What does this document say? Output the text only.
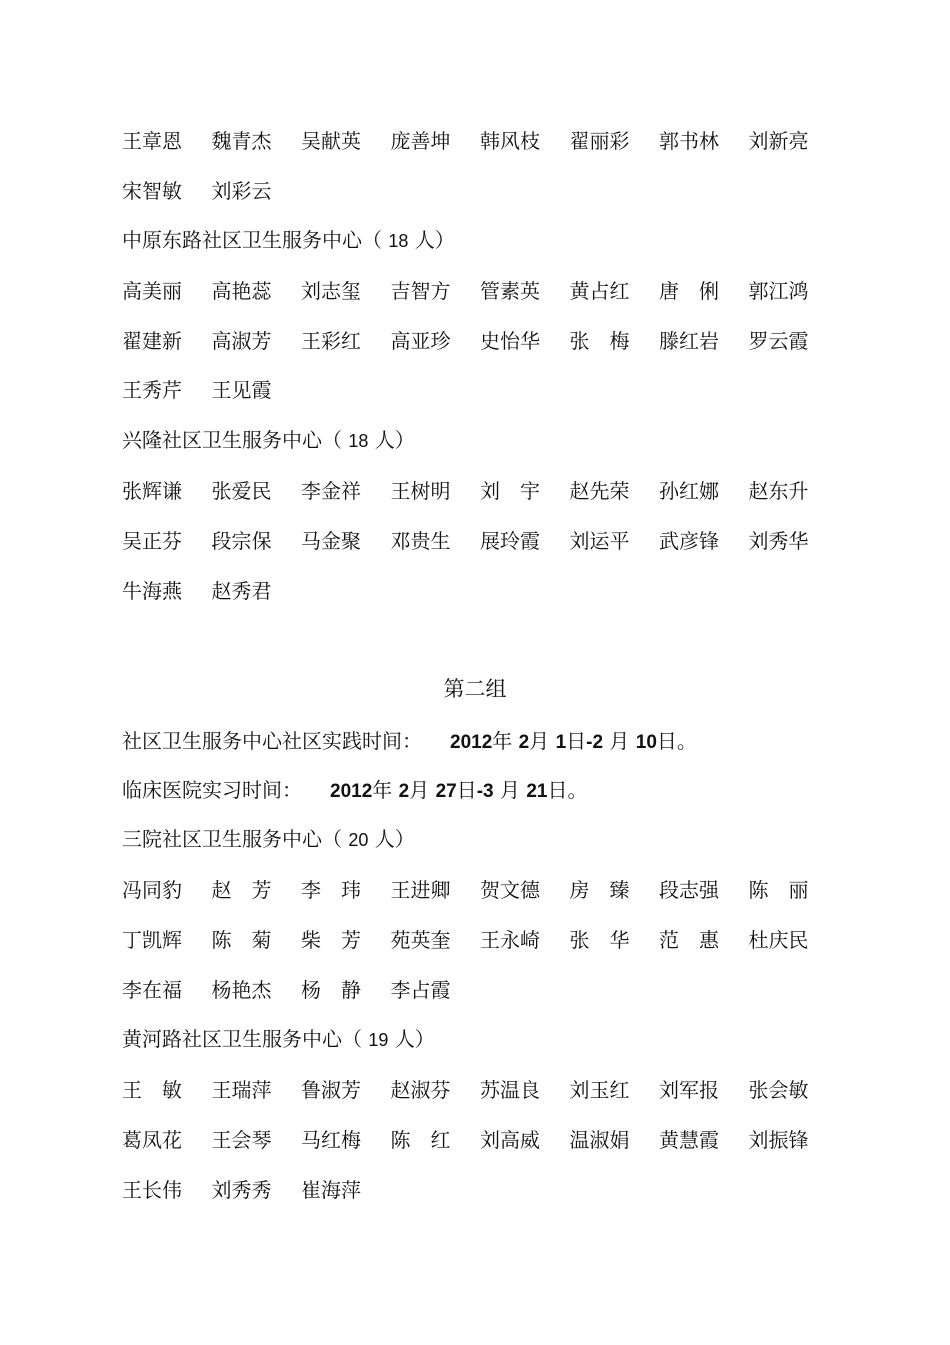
王章恩 魏青杰 吴献英 庞善坤 韩风枝 翟丽彩 郭书林 刘新亮
宋智敏 刘彩云
中原东路社区卫生服务中心（ 18 人）
高美丽 高艳蕊 刘志玺 吉智方 管素英 黄占红 唐　俐 郭江鸿
翟建新 高淑芳 王彩红 高亚珍 史怡华 张　梅 滕红岩 罗云霞
王秀芹 王见霞
兴隆社区卫生服务中心（ 18 人）
张辉谦 张爱民 李金祥 王树明 刘　宇 赵先荣 孙红娜 赵东升
吴正芬 段宗保 马金聚 邓贵生 展玲霞 刘运平 武彦锋 刘秀华
牛海燕 赵秀君
第二组
社区卫生服务中心社区实践时间： 2012年 2月 1日-2 月 10日。
临床医院实习时间： 2012年 2月 27日-3 月 21日。
三院社区卫生服务中心（ 20 人）
冯同豹 赵　芳 李　玮 王进卿 贺文德 房　臻 段志强 陈　丽
丁凯辉 陈　菊 柴　芳 苑英奎 王永崎 张　华 范　惠 杜庆民
李在福 杨艳杰 杨　静 李占霞
黄河路社区卫生服务中心（ 19 人）
王　敏 王瑞萍 鲁淑芳 赵淑芬 苏温良 刘玉红 刘军报 张会敏
葛凤花 王会琴 马红梅 陈　红 刘高威 温淑娟 黄慧霞 刘振锋
王长伟 刘秀秀 崔海萍
